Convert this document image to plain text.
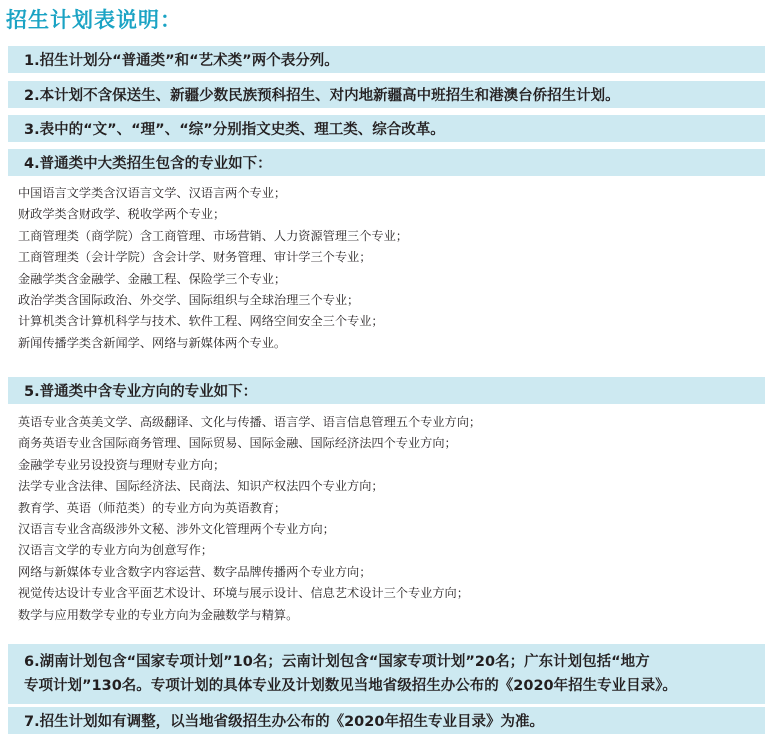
招生计划表说明：
1.招生计划分“普通类”和“艺术类”两个表分列。
2.本计划不含保送生、新疆少数民族预科招生、对内地新疆高中班招生和港澳台侨招生计划。
3.表中的“文”、“理”、“综”分别指文史类、理工类、综合改革。
4.普通类中大类招生包含的专业如下：
中国语言文学类含汉语言文学、汉语言两个专业；
财政学类含财政学、税收学两个专业；
工商管理类（商学院）含工商管理、市场营销、人力资源管理三个专业；
工商管理类（会计学院）含会计学、财务管理、审计学三个专业；
金融学类含金融学、金融工程、保险学三个专业；
政治学类含国际政治、外交学、国际组织与全球治理三个专业；
计算机类含计算机科学与技术、软件工程、网络空间安全三个专业；
新闻传播学类含新闻学、网络与新媒体两个专业。
5.普通类中含专业方向的专业如下：
英语专业含英美文学、高级翻译、文化与传播、语言学、语言信息管理五个专业方向；
商务英语专业含国际商务管理、国际贸易、国际金融、国际经济法四个专业方向；
金融学专业另设投资与理财专业方向；
法学专业含法律、国际经济法、民商法、知识产权法四个专业方向；
教育学、英语（师范类）的专业方向为英语教育；
汉语言专业含高级涉外文秘、涉外文化管理两个专业方向；
汉语言文学的专业方向为创意写作；
网络与新媒体专业含数字内容运营、数字品牌传播两个专业方向；
视觉传达设计专业含平面艺术设计、环境与展示设计、信息艺术设计三个专业方向；
数学与应用数学专业的专业方向为金融数学与精算。
6.湖南计划包含“国家专项计划”10名；云南计划包含“国家专项计划”20名；广东计划包括“地方
专项计划”130名。专项计划的具体专业及计划数见当地省级招生办公布的《2020年招生专业目录》。
7.招生计划如有调整，以当地省级招生办公布的《2020年招生专业目录》为准。
